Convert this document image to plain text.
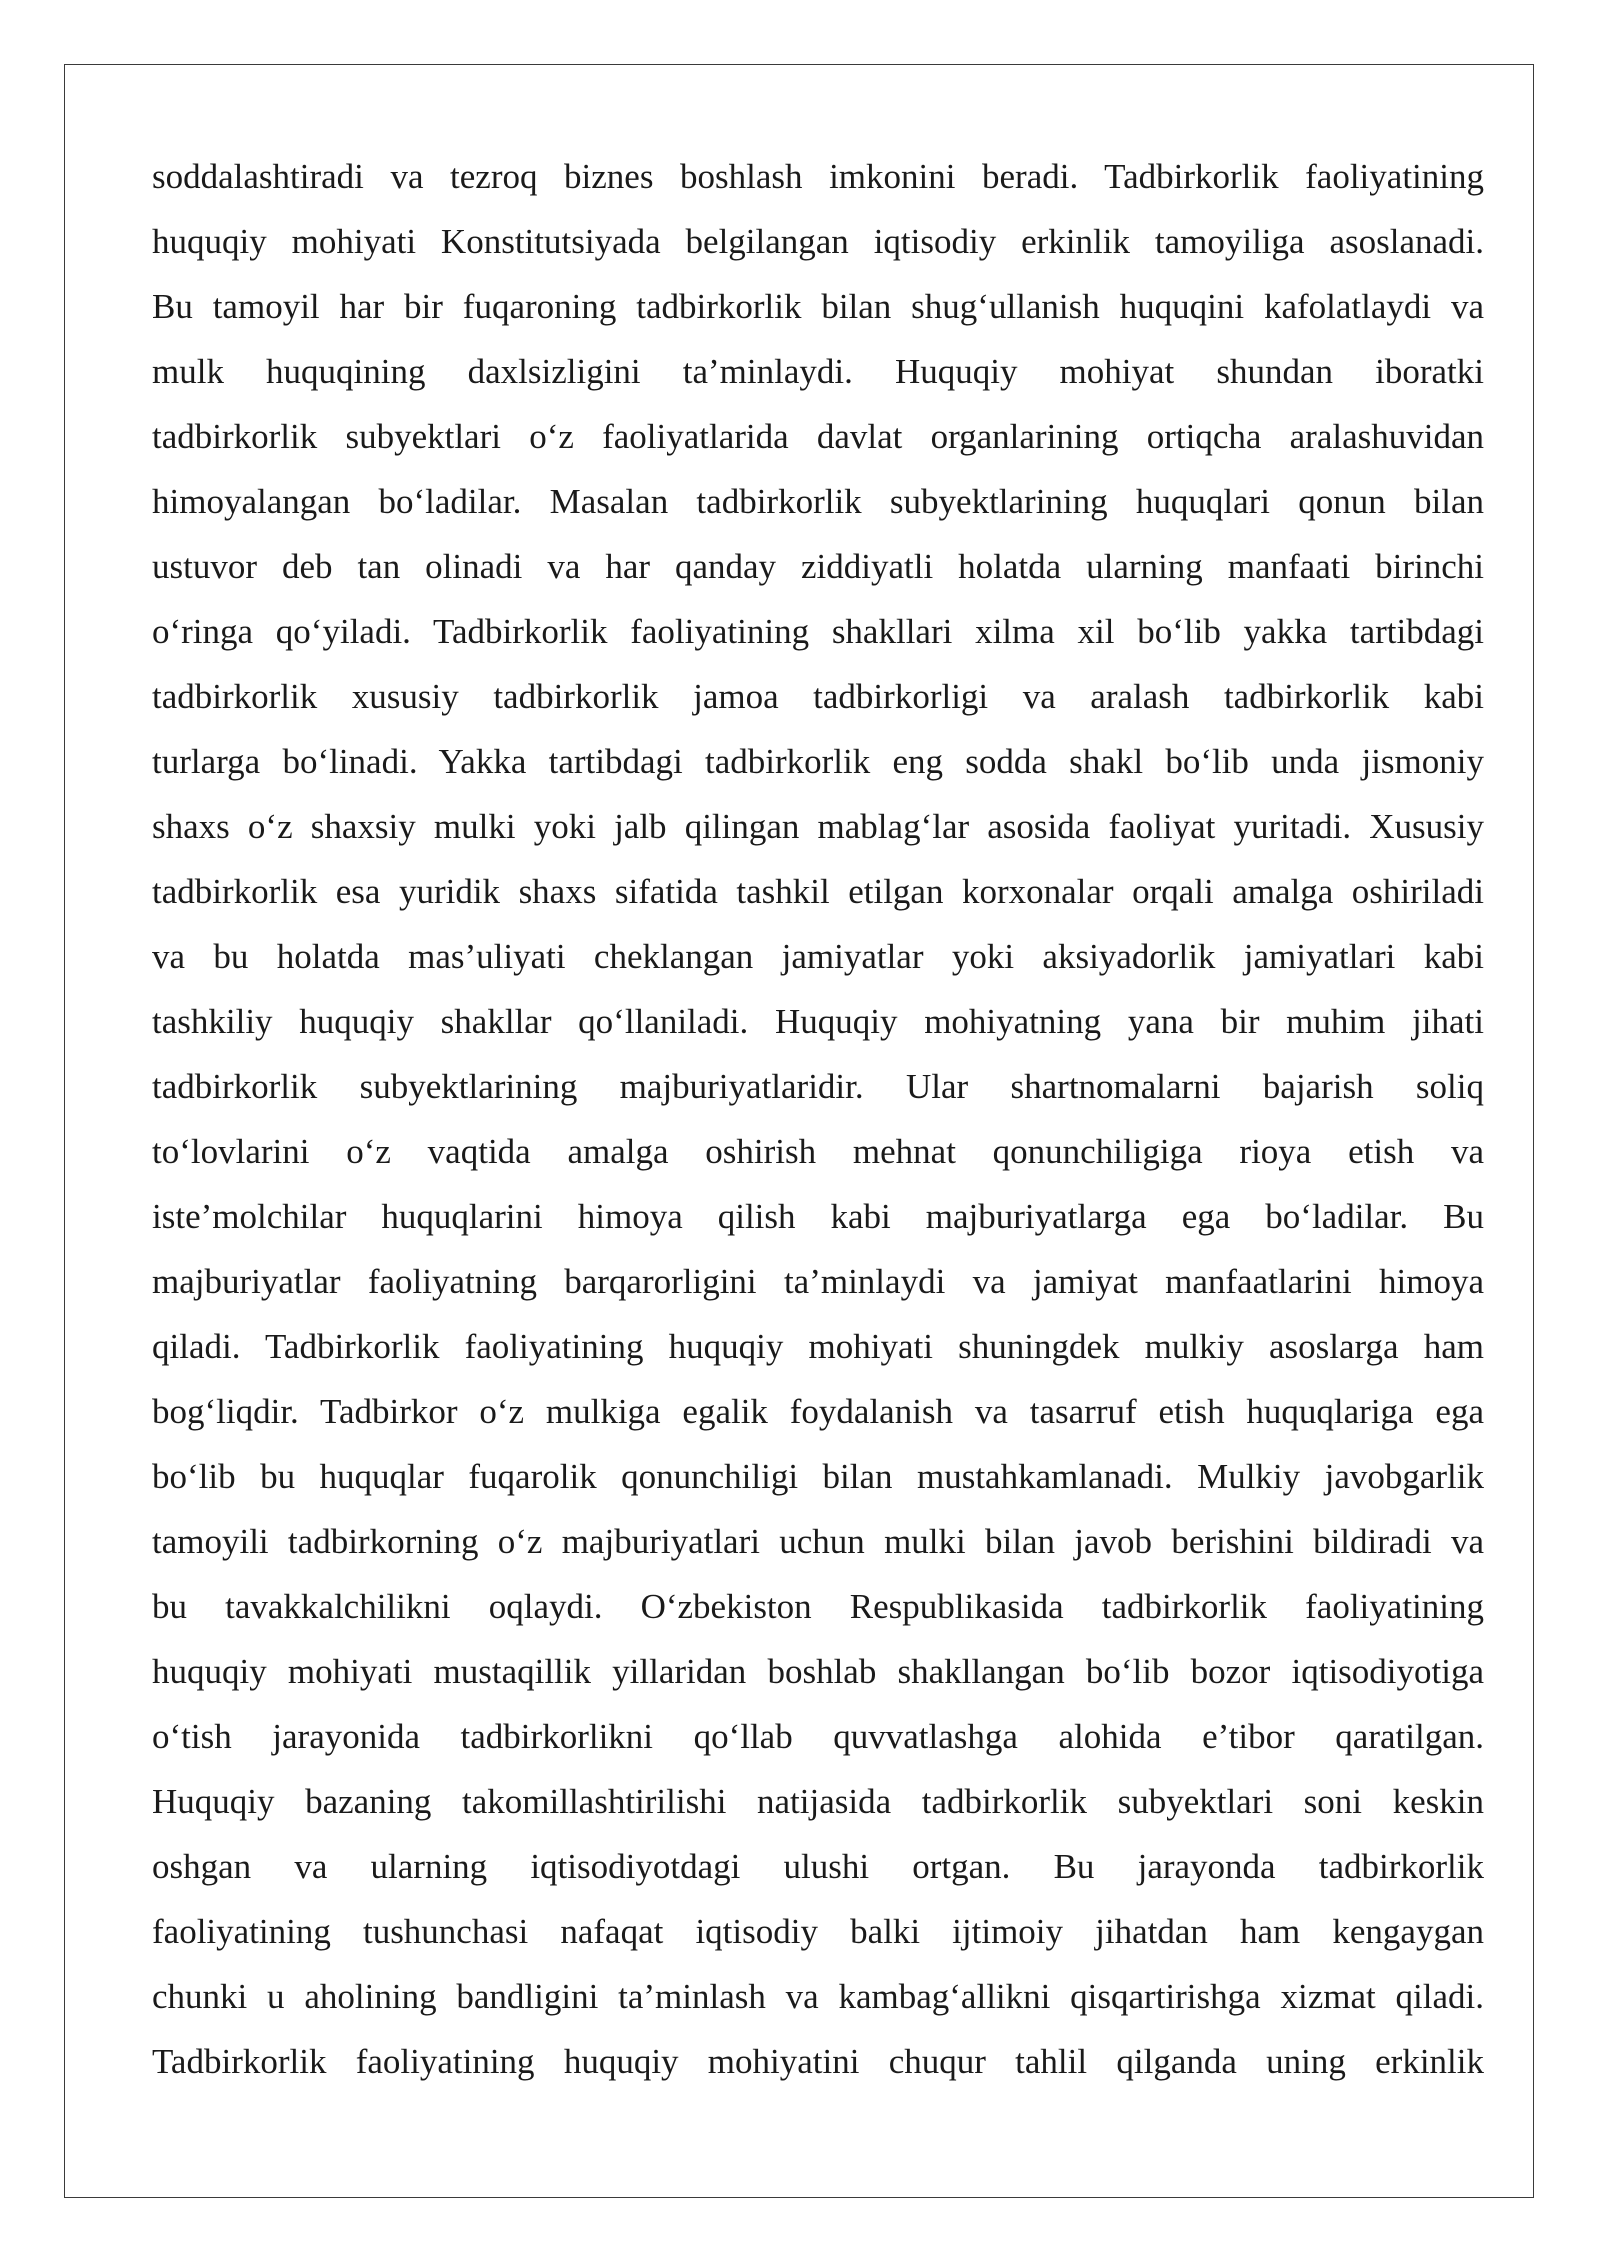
soddalashtiradi va tezroq biznes boshlash imkonini beradi. Tadbirkorlik faoliyatining
huquqiy mohiyati Konstitutsiyada belgilangan iqtisodiy erkinlik tamoyiliga asoslanadi.
Bu tamoyil har bir fuqaroning tadbirkorlik bilan shug‘ullanish huquqini kafolatlaydi va
mulk huquqining daxlsizligini ta’minlaydi. Huquqiy mohiyat shundan iboratki
tadbirkorlik subyektlari o‘z faoliyatlarida davlat organlarining ortiqcha aralashuvidan
himoyalangan bo‘ladilar. Masalan tadbirkorlik subyektlarining huquqlari qonun bilan
ustuvor deb tan olinadi va har qanday ziddiyatli holatda ularning manfaati birinchi
o‘ringa qo‘yiladi. Tadbirkorlik faoliyatining shakllari xilma xil bo‘lib yakka tartibdagi
tadbirkorlik xususiy tadbirkorlik jamoa tadbirkorligi va aralash tadbirkorlik kabi
turlarga bo‘linadi. Yakka tartibdagi tadbirkorlik eng sodda shakl bo‘lib unda jismoniy
shaxs o‘z shaxsiy mulki yoki jalb qilingan mablag‘lar asosida faoliyat yuritadi. Xususiy
tadbirkorlik esa yuridik shaxs sifatida tashkil etilgan korxonalar orqali amalga oshiriladi
va bu holatda mas’uliyati cheklangan jamiyatlar yoki aksiyadorlik jamiyatlari kabi
tashkiliy huquqiy shakllar qo‘llaniladi. Huquqiy mohiyatning yana bir muhim jihati
tadbirkorlik subyektlarining majburiyatlaridir. Ular shartnomalarni bajarish soliq
to‘lovlarini o‘z vaqtida amalga oshirish mehnat qonunchiligiga rioya etish va
iste’molchilar huquqlarini himoya qilish kabi majburiyatlarga ega bo‘ladilar. Bu
majburiyatlar faoliyatning barqarorligini ta’minlaydi va jamiyat manfaatlarini himoya
qiladi. Tadbirkorlik faoliyatining huquqiy mohiyati shuningdek mulkiy asoslarga ham
bog‘liqdir. Tadbirkor o‘z mulkiga egalik foydalanish va tasarruf etish huquqlariga ega
bo‘lib bu huquqlar fuqarolik qonunchiligi bilan mustahkamlanadi. Mulkiy javobgarlik
tamoyili tadbirkorning o‘z majburiyatlari uchun mulki bilan javob berishini bildiradi va
bu tavakkalchilikni oqlaydi. O‘zbekiston Respublikasida tadbirkorlik faoliyatining
huquqiy mohiyati mustaqillik yillaridan boshlab shakllangan bo‘lib bozor iqtisodiyotiga
o‘tish jarayonida tadbirkorlikni qo‘llab quvvatlashga alohida e’tibor qaratilgan.
Huquqiy bazaning takomillashtirilishi natijasida tadbirkorlik subyektlari soni keskin
oshgan va ularning iqtisodiyotdagi ulushi ortgan. Bu jarayonda tadbirkorlik
faoliyatining tushunchasi nafaqat iqtisodiy balki ijtimoiy jihatdan ham kengaygan
chunki u aholining bandligini ta’minlash va kambag‘allikni qisqartirishga xizmat qiladi.
Tadbirkorlik faoliyatining huquqiy mohiyatini chuqur tahlil qilganda uning erkinlik
